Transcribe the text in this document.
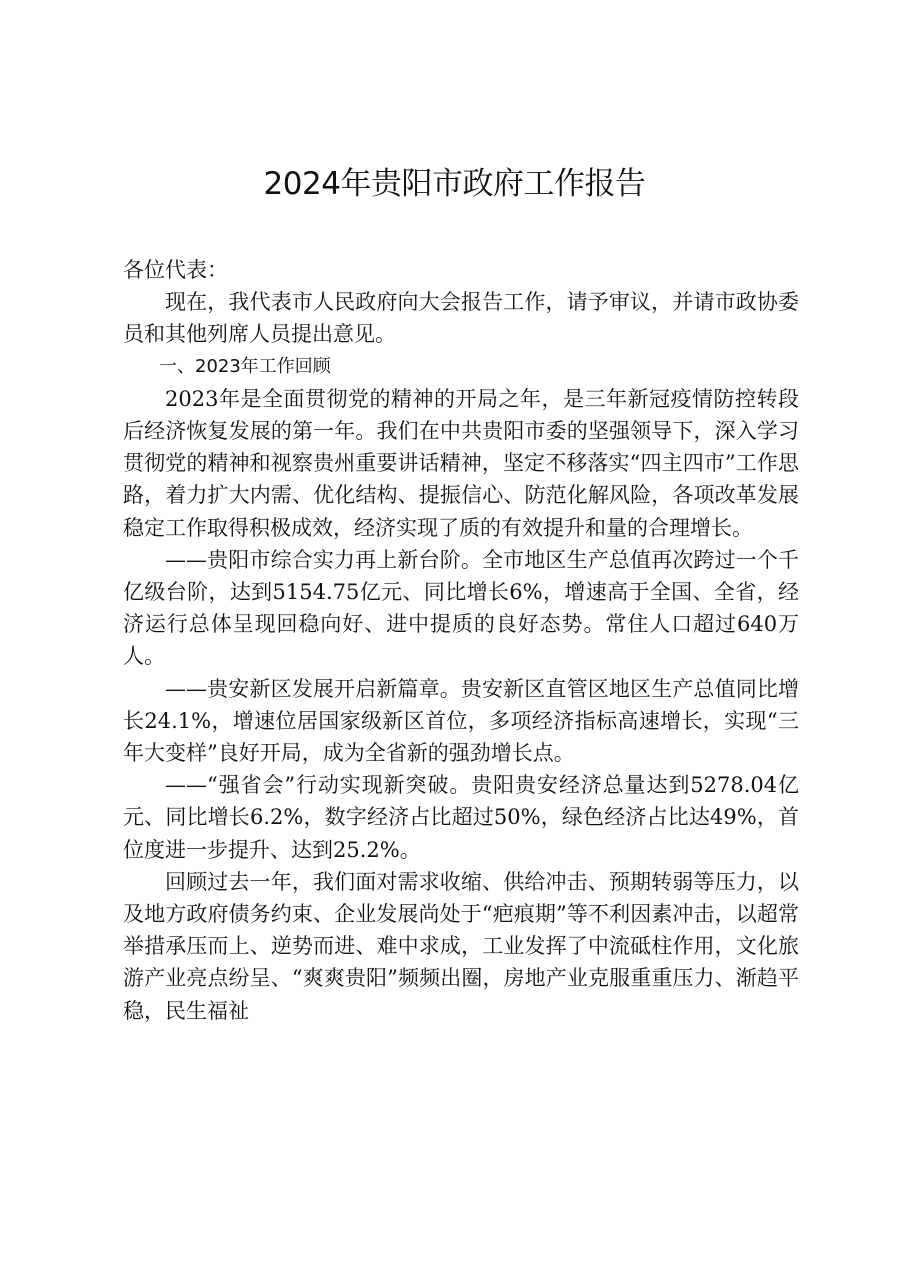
2024年贵阳市政府工作报告

各位代表：

现在，我代表市人民政府向大会报告工作，请予审议，并请市政协委员和其他列席人员提出意见。

一、2023年工作回顾

2023年是全面贯彻党的精神的开局之年，是三年新冠疫情防控转段后经济恢复发展的第一年。我们在中共贵阳市委的坚强领导下，深入学习贯彻党的精神和视察贵州重要讲话精神，坚定不移落实“四主四市”工作思路，着力扩大内需、优化结构、提振信心、防范化解风险，各项改革发展稳定工作取得积极成效，经济实现了质的有效提升和量的合理增长。

——贵阳市综合实力再上新台阶。全市地区生产总值再次跨过一个千亿级台阶，达到5154.75亿元、同比增长6%，增速高于全国、全省，经济运行总体呈现回稳向好、进中提质的良好态势。常住人口超过640万人。

——贵安新区发展开启新篇章。贵安新区直管区地区生产总值同比增长24.1%，增速位居国家级新区首位，多项经济指标高速增长，实现“三年大变样”良好开局，成为全省新的强劲增长点。

——“强省会”行动实现新突破。贵阳贵安经济总量达到5278.04亿元、同比增长6.2%，数字经济占比超过50%，绿色经济占比达49%，首位度进一步提升、达到25.2%。

回顾过去一年，我们面对需求收缩、供给冲击、预期转弱等压力，以及地方政府债务约束、企业发展尚处于“疤痕期”等不利因素冲击，以超常举措承压而上、逆势而进、难中求成，工业发挥了中流砥柱作用，文化旅游产业亮点纷呈、“爽爽贵阳”频频出圈，房地产业克服重重压力、渐趋平稳，民生福祉
